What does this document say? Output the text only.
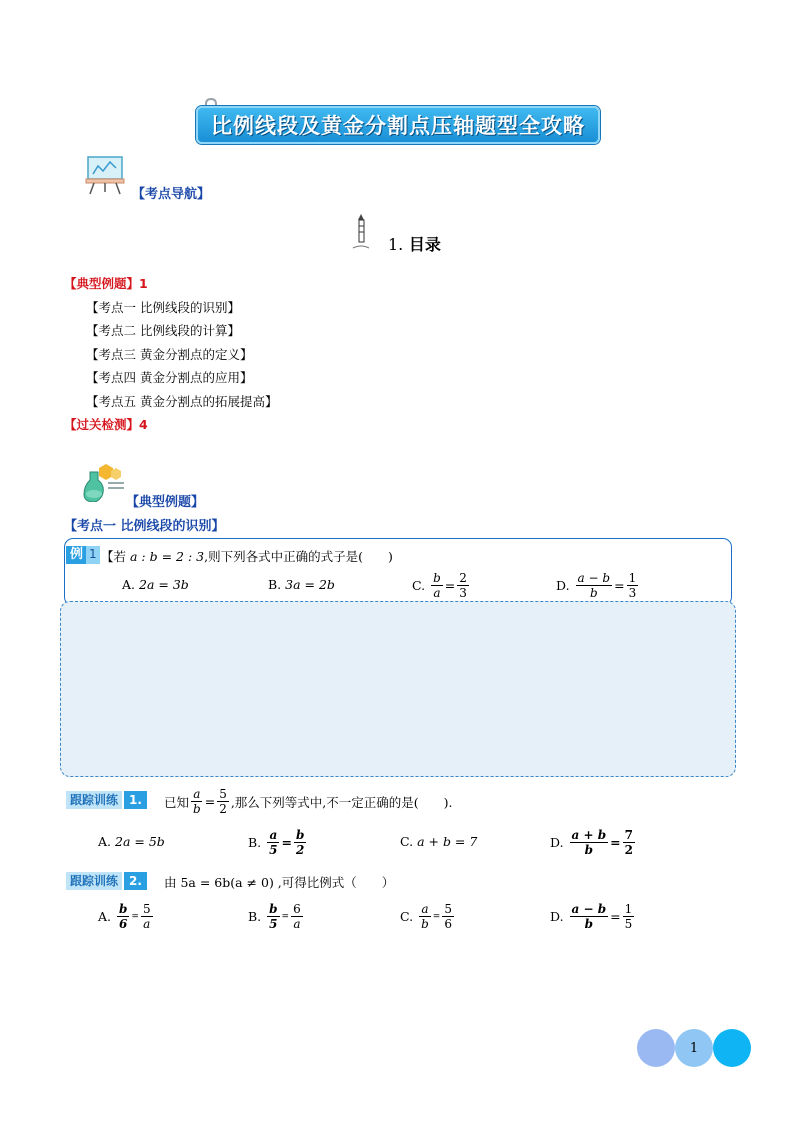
比例线段及黄金分割点压轴题型全攻略
【考点导航】
1. 目录
【典型例题】1
【考点一 比例线段的识别】
【考点二 比例线段的计算】
【考点三 黄金分割点的定义】
【考点四 黄金分割点的应用】
【考点五 黄金分割点的拓展提高】
【过关检测】4
【典型例题】
【考点一 比例线段的识别】
例 1 【若 a : b = 2 : 3,则下列各式中正确的式子是(　　)
A.
2a = 3b	B.
3a = 2b	C.
$\frac{b}{a} = \frac{2}{3}$	D.
$\frac{a - b}{b} = \frac{1}{3}$
跟踪训练 1.	已知 $\frac{a}{b} = \frac{5}{2}$ ,那么下列等式中,不一定正确的是(　　).
A.
2a = 5b	B.
$\frac{a}{5} = \frac{b}{2}$	C.
a + b = 7	D.
$\frac{a + b}{b} = \frac{7}{2}$
跟踪训练 2.	由 5a = 6b(a ≠ 0) ,可得比例式（　　）
A.
$\frac{b}{6} = \frac{5}{a}$	B.
$\frac{b}{5} = \frac{6}{a}$	C.
$\frac{a}{b} = \frac{5}{6}$	D.
$\frac{a - b}{b} = \frac{1}{5}$
1
